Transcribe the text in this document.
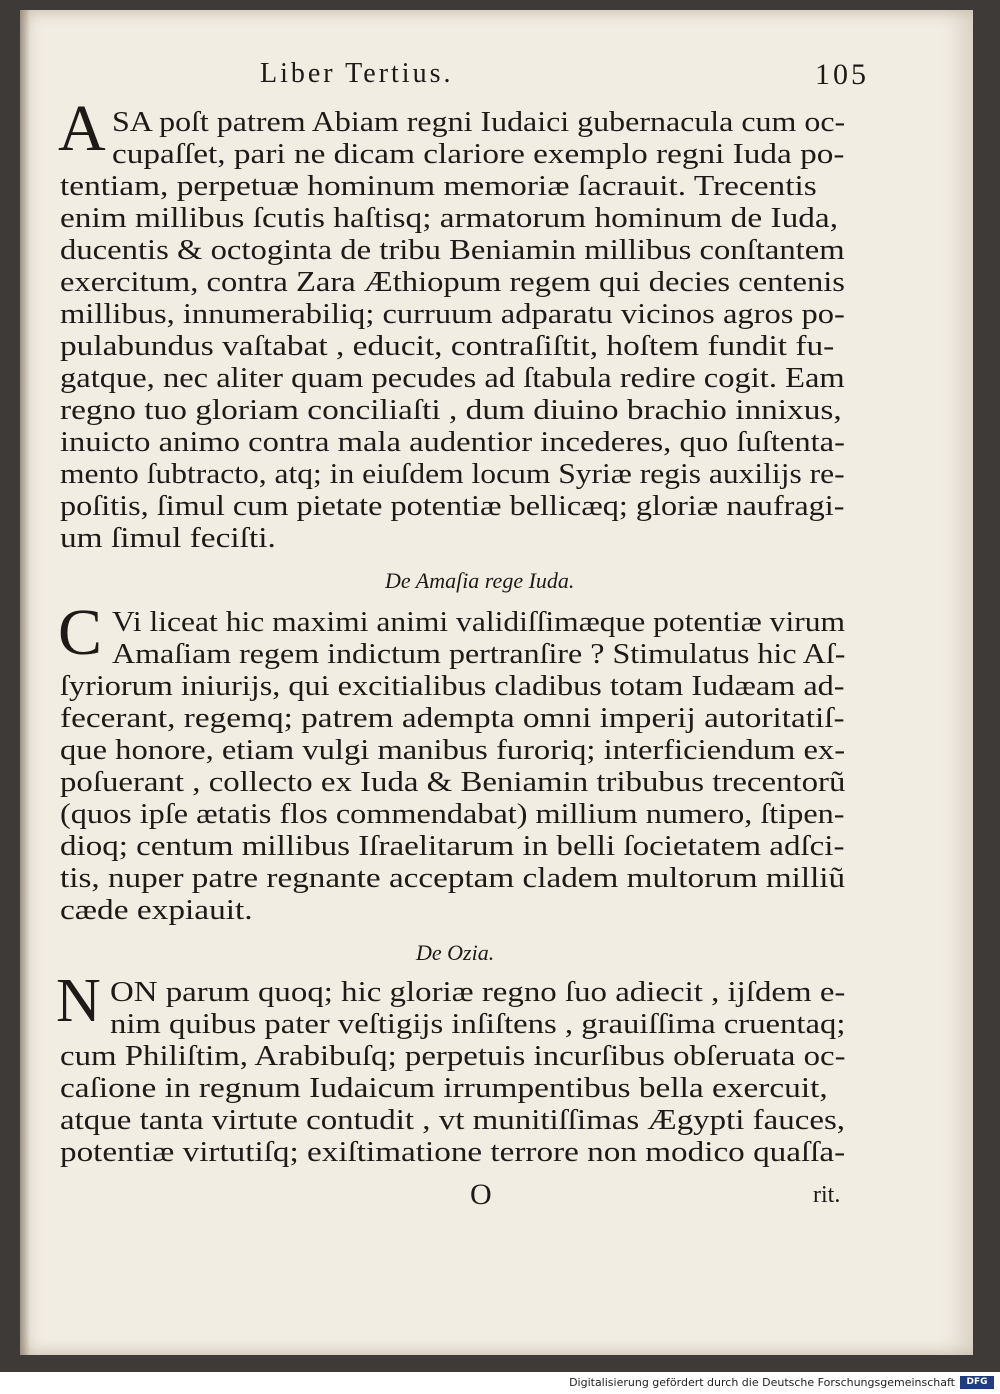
Liber Tertius.	105
A SA poſt patrem Abiam regni Iudaici gubernacula cum oc-
cupaſſet, pari ne dicam clariore exemplo regni Iuda po-
tentiam, perpetuæ hominum memoriæ ſacrauit. Trecentis
enim millibus ſcutis haſtisq; armatorum hominum de Iuda,
ducentis & octoginta de tribu Beniamin millibus conſtantem
exercitum, contra Zara Æthiopum regem qui decies centenis
millibus, innumerabiliq; curruum adparatu vicinos agros po-
pulabundus vaſtabat , educit, contraſiſtit, hoſtem fundit fu-
gatque, nec aliter quam pecudes ad ſtabula redire cogit. Eam
regno tuo gloriam conciliaſti , dum diuino brachio innixus,
inuicto animo contra mala audentior incederes, quo ſuſtenta-
mento ſubtracto, atq; in eiuſdem locum Syriæ regis auxilijs re-
poſitis, ſimul cum pietate potentiæ bellicæq; gloriæ naufragi-
um ſimul feciſti.
De Amaſia rege Iuda.
C Vi liceat hic maximi animi validiſſimæque potentiæ virum
Amaſiam regem indictum pertranſire ? Stimulatus hic Aſ-
ſyriorum iniurijs, qui excitialibus cladibus totam Iudæam ad-
fecerant, regemq; patrem adempta omni imperij autoritatiſ-
que honore, etiam vulgi manibus furoriq; interficiendum ex-
poſuerant , collecto ex Iuda & Beniamin tribubus trecentorũ
(quos ipſe ætatis flos commendabat) millium numero, ſtipen-
dioq; centum millibus Iſraelitarum in belli ſocietatem adſci-
tis, nuper patre regnante acceptam cladem multorum milliũ
cæde expiauit.
De Ozia.
N ON parum quoq; hic gloriæ regno ſuo adiecit , ijſdem e-
nim quibus pater veſtigijs inſiſtens , grauiſſima cruentaq;
cum Philiſtim, Arabibuſq; perpetuis incurſibus obſeruata oc-
caſione in regnum Iudaicum irrumpentibus bella exercuit,
atque tanta virtute contudit , vt munitiſſimas Ægypti fauces,
potentiæ virtutiſq; exiſtimatione terrore non modico quaſſa-
O	rit.
Digitalisierung gefördert durch die Deutsche Forschungsgemeinschaft	DFG
